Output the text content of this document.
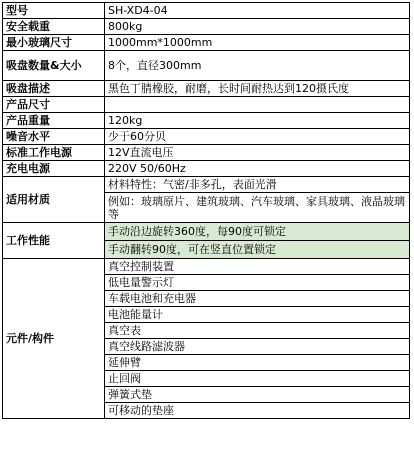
型号	SH-XD4-04
安全载重	800kg
最小玻璃尺寸	1000mm*1000mm
吸盘数量&大小	8个，直径300mm
吸盘描述	黑色丁腈橡胶，耐磨，长时间耐热达到120摄氏度
产品尺寸	
产品重量	120kg
噪音水平	少于60分贝
标准工作电源	12V直流电压
充电电源	220V 50/60Hz
适用材质	材料特性：气密/非多孔，表面光滑
	例如：玻璃原片、建筑玻璃、汽车玻璃、家具玻璃、液晶玻璃等
工作性能	手动沿边旋转360度，每90度可锁定
	手动翻转90度，可在竖直位置锁定
元件/构件	真空控制装置
	低电量警示灯
	车载电池和充电器
	电池能量计
	真空表
	真空线路滤波器
	延伸臂
	止回阀
	弹簧式垫
	可移动的垫座
